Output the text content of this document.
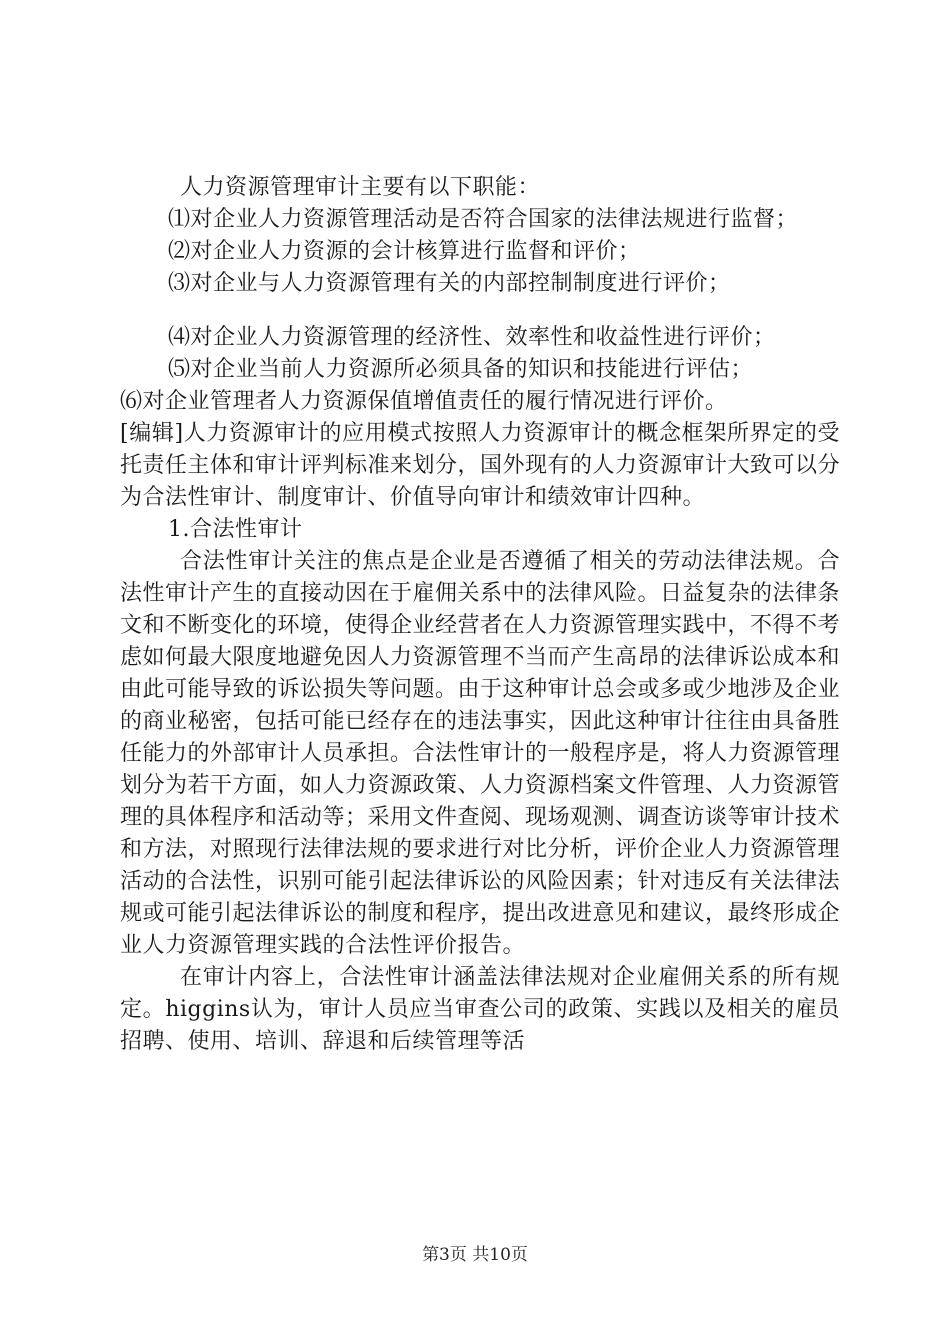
人力资源管理审计主要有以下职能：

⑴对企业人力资源管理活动是否符合国家的法律法规进行监督；

⑵对企业人力资源的会计核算进行监督和评价；

⑶对企业与人力资源管理有关的内部控制制度进行评价；

⑷对企业人力资源管理的经济性、效率性和收益性进行评价；

⑸对企业当前人力资源所必须具备的知识和技能进行评估；

⑹对企业管理者人力资源保值增值责任的履行情况进行评价。

[编辑]人力资源审计的应用模式按照人力资源审计的概念框架所界定的受托责任主体和审计评判标准来划分，国外现有的人力资源审计大致可以分为合法性审计、制度审计、价值导向审计和绩效审计四种。

1.合法性审计

合法性审计关注的焦点是企业是否遵循了相关的劳动法律法规。合法性审计产生的直接动因在于雇佣关系中的法律风险。日益复杂的法律条文和不断变化的环境，使得企业经营者在人力资源管理实践中，不得不考虑如何最大限度地避免因人力资源管理不当而产生高昂的法律诉讼成本和由此可能导致的诉讼损失等问题。由于这种审计总会或多或少地涉及企业的商业秘密，包括可能已经存在的违法事实，因此这种审计往往由具备胜任能力的外部审计人员承担。合法性审计的一般程序是，将人力资源管理划分为若干方面，如人力资源政策、人力资源档案文件管理、人力资源管理的具体程序和活动等；采用文件查阅、现场观测、调查访谈等审计技术和方法，对照现行法律法规的要求进行对比分析，评价企业人力资源管理活动的合法性，识别可能引起法律诉讼的风险因素；针对违反有关法律法规或可能引起法律诉讼的制度和程序，提出改进意见和建议，最终形成企业人力资源管理实践的合法性评价报告。

在审计内容上，合法性审计涵盖法律法规对企业雇佣关系的所有规定。higgins认为，审计人员应当审查公司的政策、实践以及相关的雇员招聘、使用、培训、辞退和后续管理等活

第3页 共10页
